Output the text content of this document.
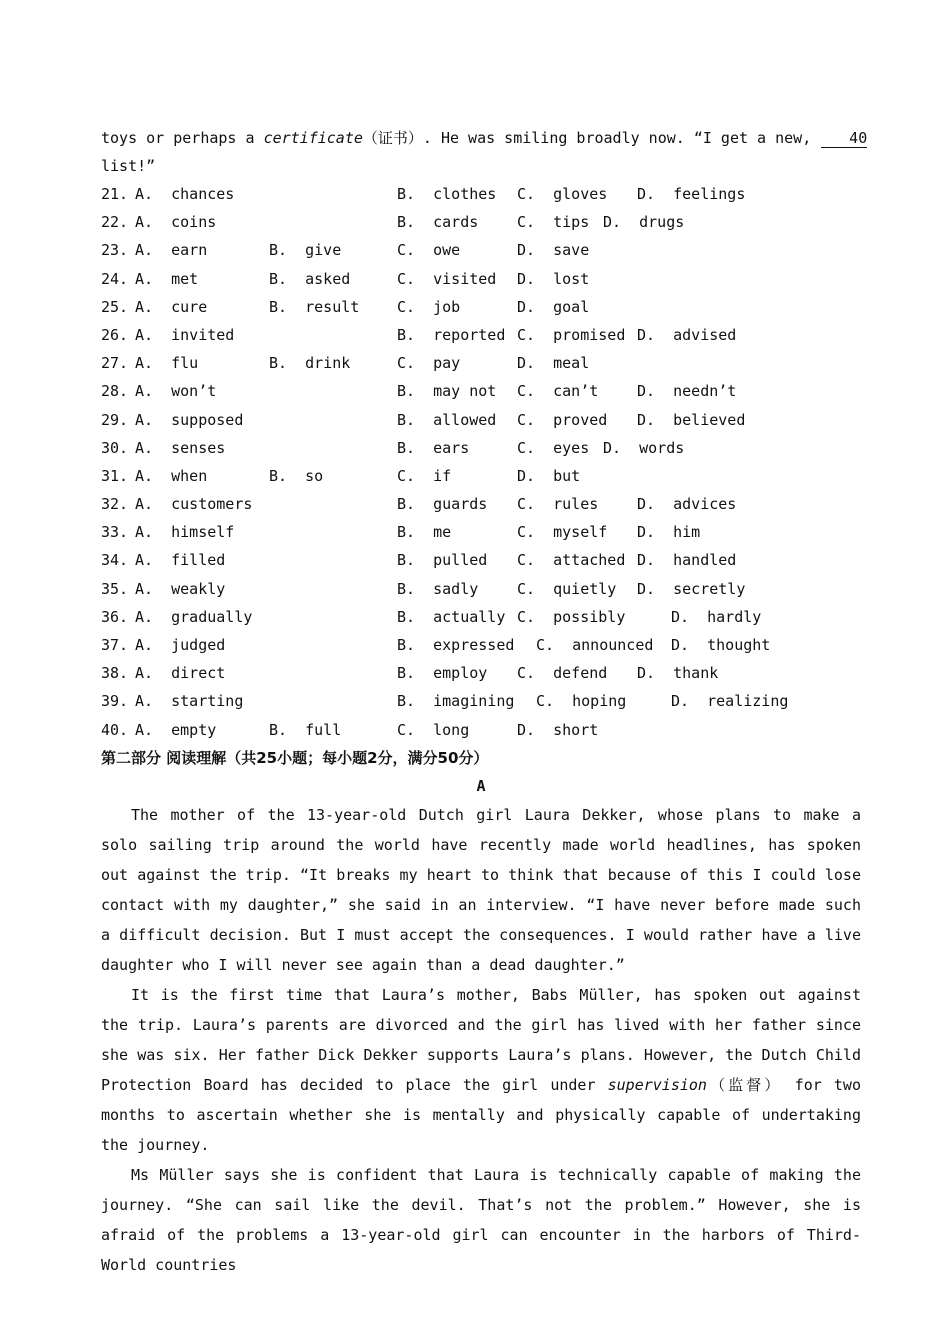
toys or perhaps a certificate（证书）. He was smiling broadly now. “I get a new,	40
list!”
21. A.  chances	B.  clothes C.  gloves D.  feelings
22. A.  coins	B.  cards	C.  tips D.  drugs
23. A.  earn	B.  give	C.  owe	D.  save
24. A.  met	B.  asked	C.  visited D.  lost
25. A.  cure	B.  result	C.  job	D.  goal
26. A.  invited	B.  reported C.  promised D.  advised
27. A.  flu	B.  drink	C.  pay	D.  meal
28. A.  won’t	B.  may not C.  can’t	D.  needn’t
29. A.  supposed	B.  allowed C.  proved D.  believed
30. A.  senses	B.  ears	C.  eyes D.  words
31. A.  when	B.  so	C.  if	D.  but
32. A.  customers	B.  guards C.  rules	D.  advices
33. A.  himself	B.  me	C.  myself D.  him
34. A.  filled	B.  pulled C.  attached D.  handled
35. A.  weakly	B.  sadly	C.  quietly D.  secretly
36. A.  gradually	B.  actually C.  possibly	D.  hardly
37. A.  judged	B.  expressed C.  announced D.  thought
38. A.  direct	B.  employ C.  defend D.  thank
39. A.  starting	B.  imagining C.  hoping	D.  realizing
40. A.  empty	B.  full	C.  long	D.  short
第二部分 阅读理解（共25小题；每小题2分，满分50分）
A

The mother of the 13-year-old Dutch girl Laura Dekker, whose plans to make a solo sailing trip around the world have recently made world headlines, has spoken out against the trip. “It breaks my heart to think that because of this I could lose contact with my daughter,” she said in an interview. “I have never before made such a difficult decision. But I must accept the consequences. I would rather have a live daughter who I will never see again than a dead daughter.”

It is the first time that Laura’s mother, Babs Müller, has spoken out against the trip. Laura’s parents are divorced and the girl has lived with her father since she was six. Her father Dick Dekker supports Laura’s plans. However, the Dutch Child Protection Board has decided to place the girl under supervision（监督） for two months to ascertain whether she is mentally and physically capable of undertaking the journey.

Ms Müller says she is confident that Laura is technically capable of making the journey. “She can sail like the devil. That’s not the problem.” However, she is afraid of the problems a 13-year-old girl can encounter in the harbors of Third-World countries
